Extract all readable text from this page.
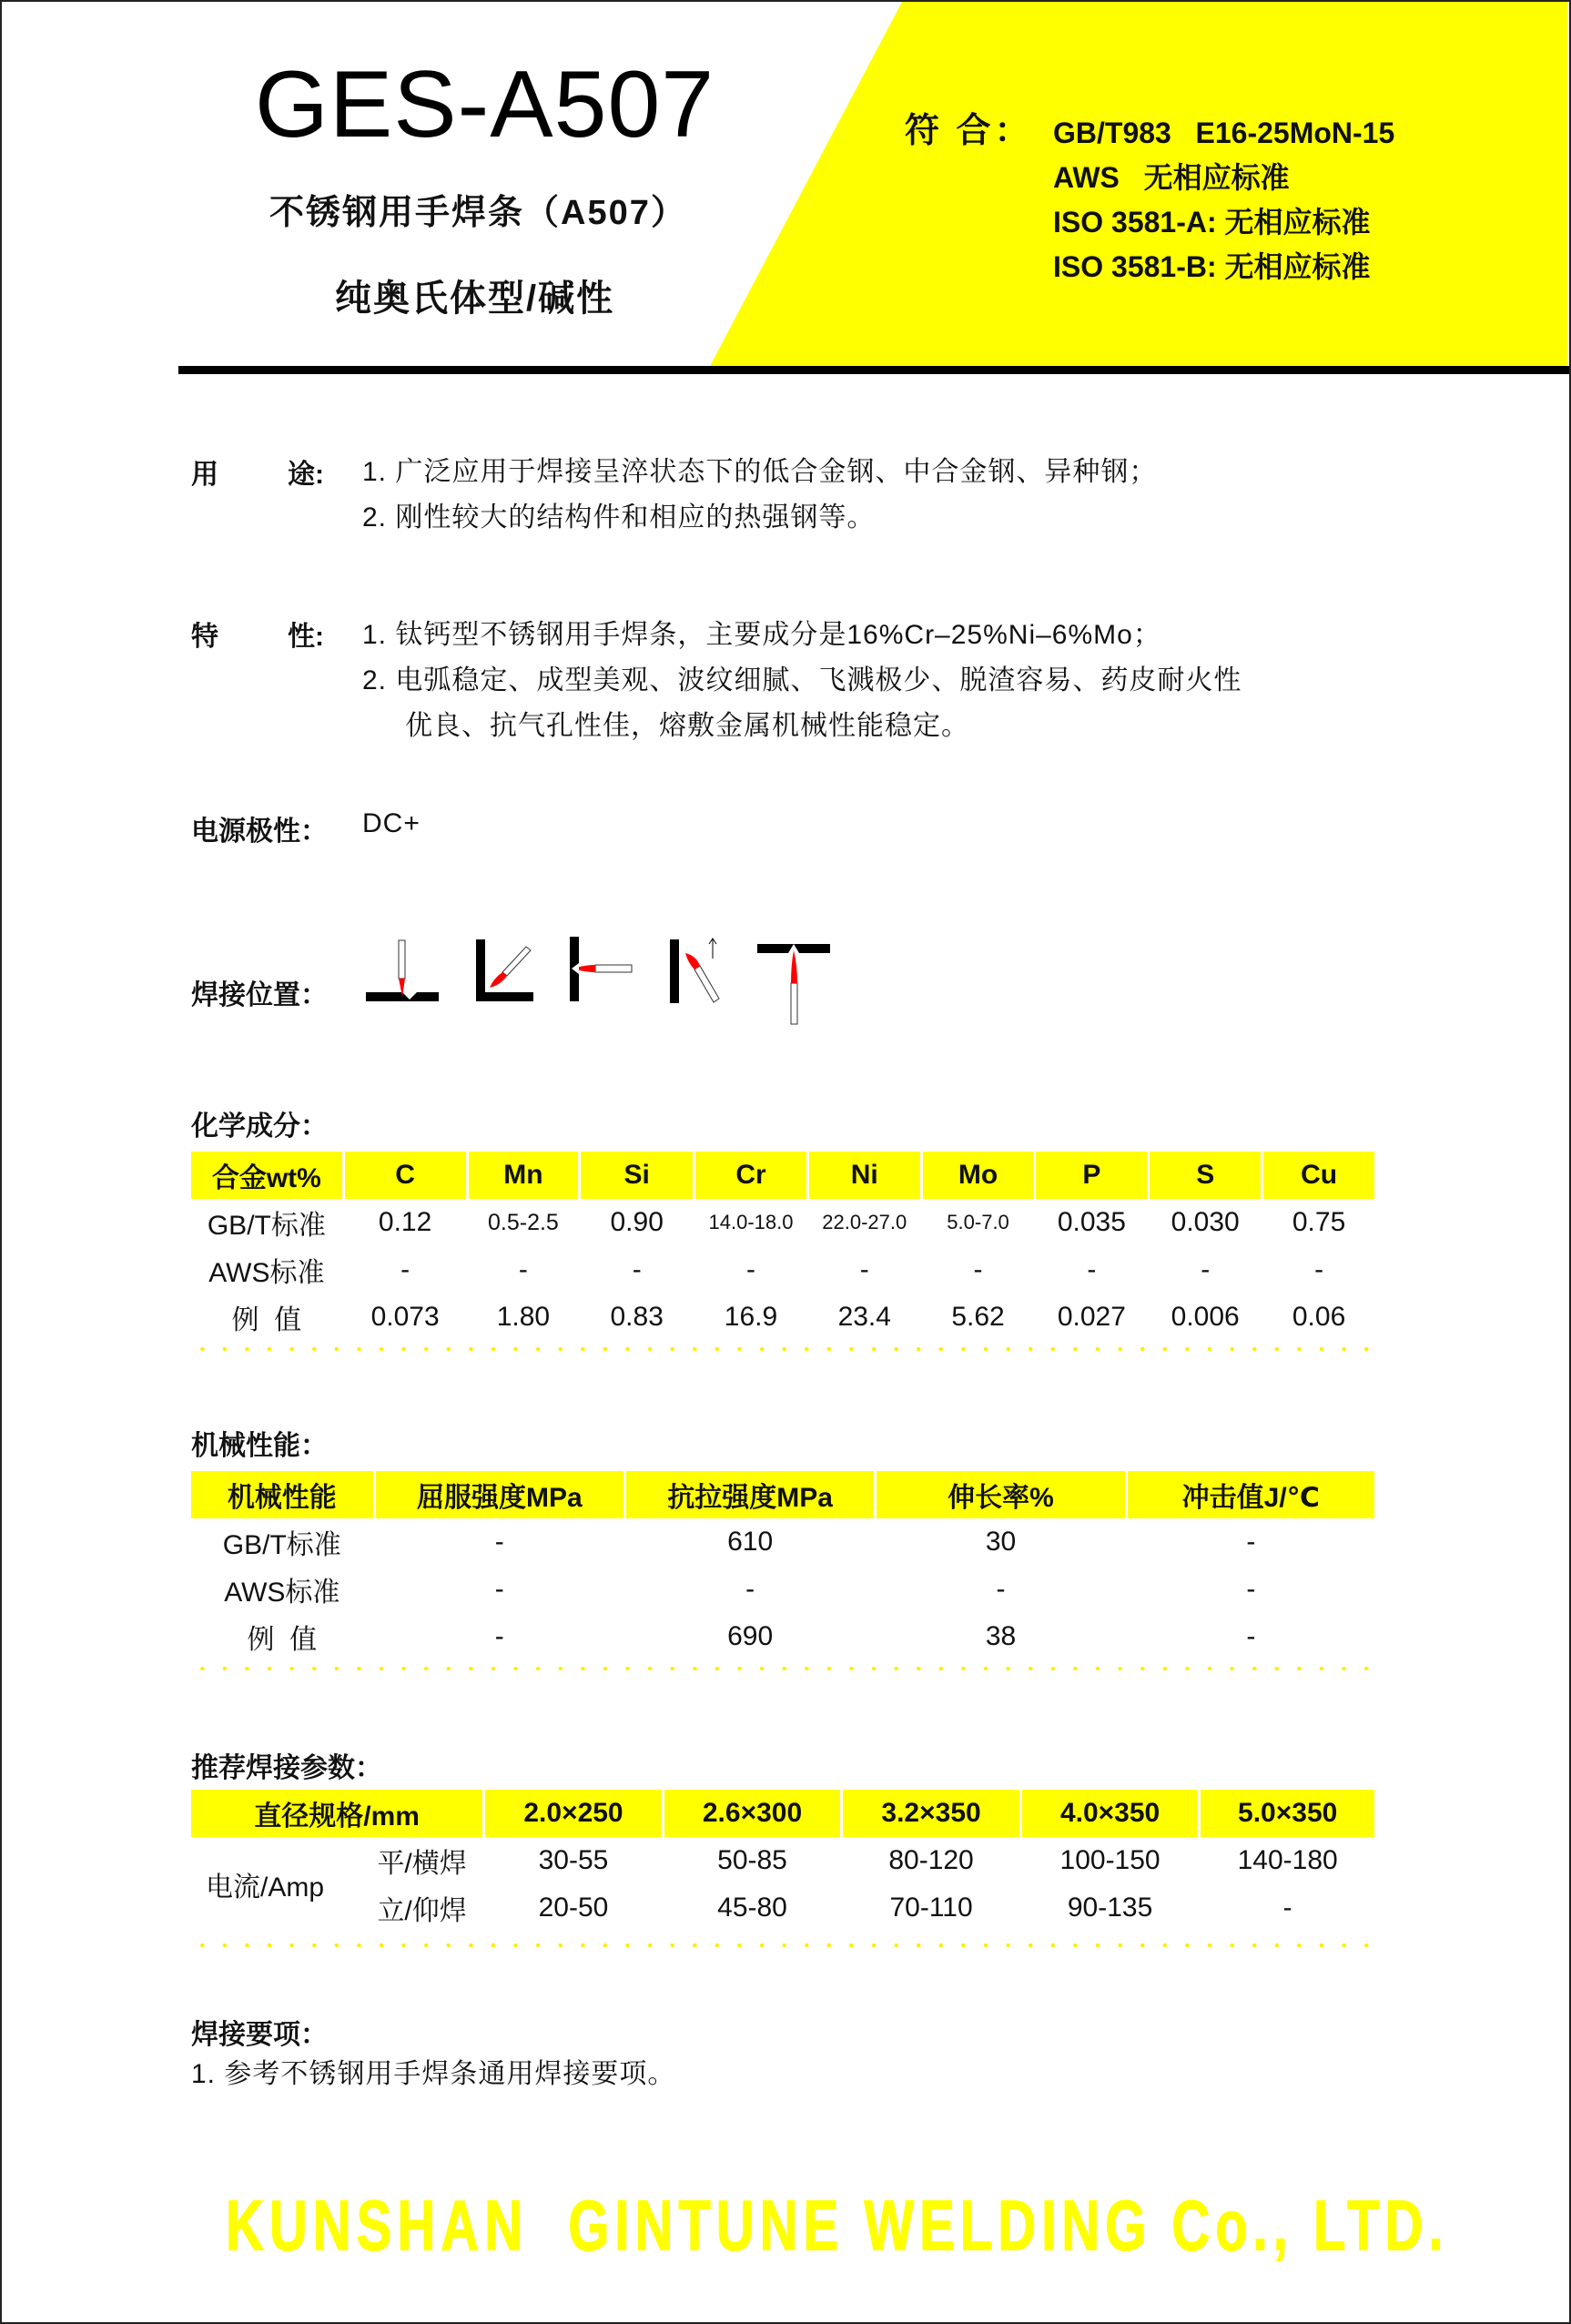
GES-A507
不锈钢用手焊条（A507）
纯奥氏体型/碱性
符 合： GB/T983   E16-25MoN-15
AWS   无相应标准
ISO 3581-A: 无相应标准
ISO 3581-B: 无相应标准
用	途: 1. 广泛应用于焊接呈淬状态下的低合金钢、中合金钢、异种钢；
2. 刚性较大的结构件和相应的热强钢等。
特	性: 1. 钛钙型不锈钢用手焊条，主要成分是16%Cr–25%Ni–6%Mo；
2. 电弧稳定、成型美观、波纹细腻、飞溅极少、脱渣容易、药皮耐火性
优良、抗气孔性佳，熔敷金属机械性能稳定。
电源极性： DC+
焊接位置：
化学成分：
合金wt%	C	Mn	Si	Cr	Ni	Mo	P	S	Cu
GB/T标准	0.12	0.5-2.5	0.90	14.0-18.0	22.0-27.0	5.0-7.0	0.035	0.030	0.75
AWS标准	-	-	-	-	-	-	-	-	-
例  值	0.073	1.80	0.83	16.9	23.4	5.62	0.027	0.006	0.06
机械性能：
机械性能	屈服强度MPa	抗拉强度MPa	伸长率%	冲击值J/℃
GB/T标准	-	610	30	-
AWS标准	-	-	-	-
例  值	-	690	38	-
推荐焊接参数：
直径规格/mm		2.0×250	2.6×300	3.2×350	4.0×350	5.0×350
电流/Amp	平/横焊	30-55	50-85	80-120	100-150	140-180
	立/仰焊	20-50	45-80	70-110	90-135	-
焊接要项：
1. 参考不锈钢用手焊条通用焊接要项。
KUNSHAN  GINTUNE WELDING Co., LTD.
